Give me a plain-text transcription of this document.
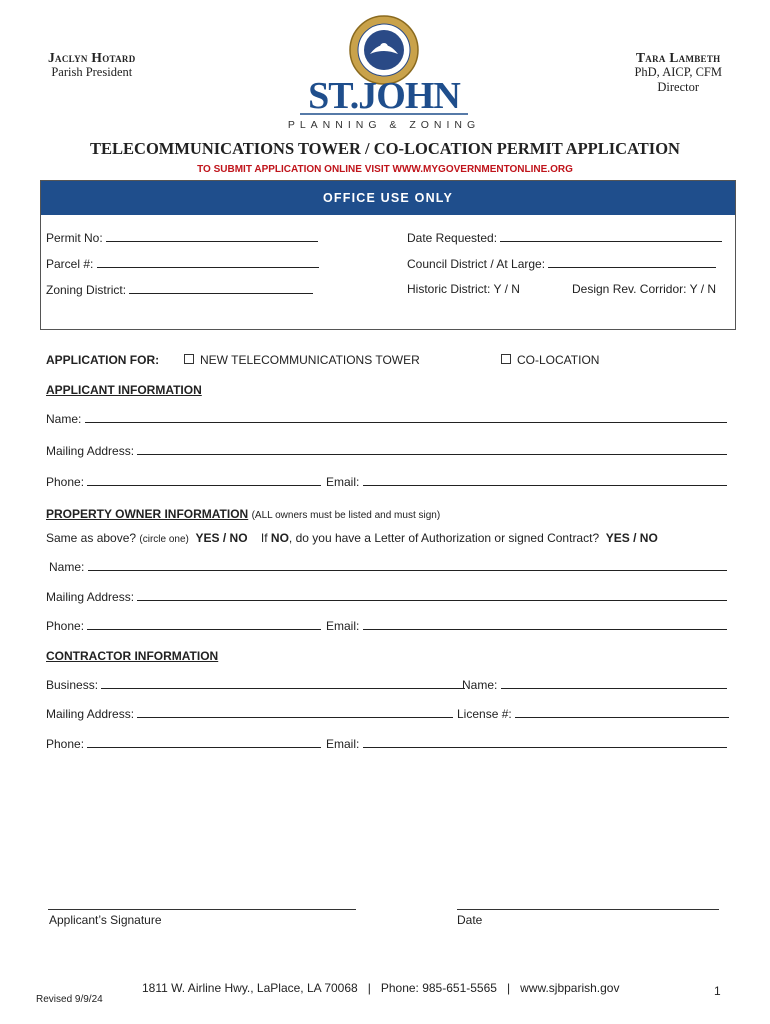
Jaclyn Hotard
Parish President
Tara Lambeth
PhD, AICP, CFM
Director
ST.JOHN
PLANNING & ZONING
TELECOMMUNICATIONS TOWER / CO-LOCATION PERMIT APPLICATION
TO SUBMIT APPLICATION ONLINE VISIT WWW.MYGOVERNMENTONLINE.ORG
OFFICE USE ONLY
Permit No:	Date Requested:
Parcel #:	Council District / At Large:
Zoning District:	Historic District: Y / N	Design Rev. Corridor: Y / N
APPLICATION FOR:	NEW TELECOMMUNICATIONS TOWER	CO-LOCATION
APPLICANT INFORMATION
Name:
Mailing Address:
Phone:	Email:
PROPERTY OWNER INFORMATION (ALL owners must be listed and must sign)
Same as above? (circle one) YES / NO If NO, do you have a Letter of Authorization or signed Contract? YES / NO
Name:
Mailing Address:
Phone:	Email:
CONTRACTOR INFORMATION
Business:	Name:
Mailing Address:	License #:
Phone:	Email:
Applicant’s Signature	Date
1811 W. Airline Hwy., LaPlace, LA 70068 | Phone: 985-651-5565 | www.sjbparish.gov	1
Revised 9/9/24
